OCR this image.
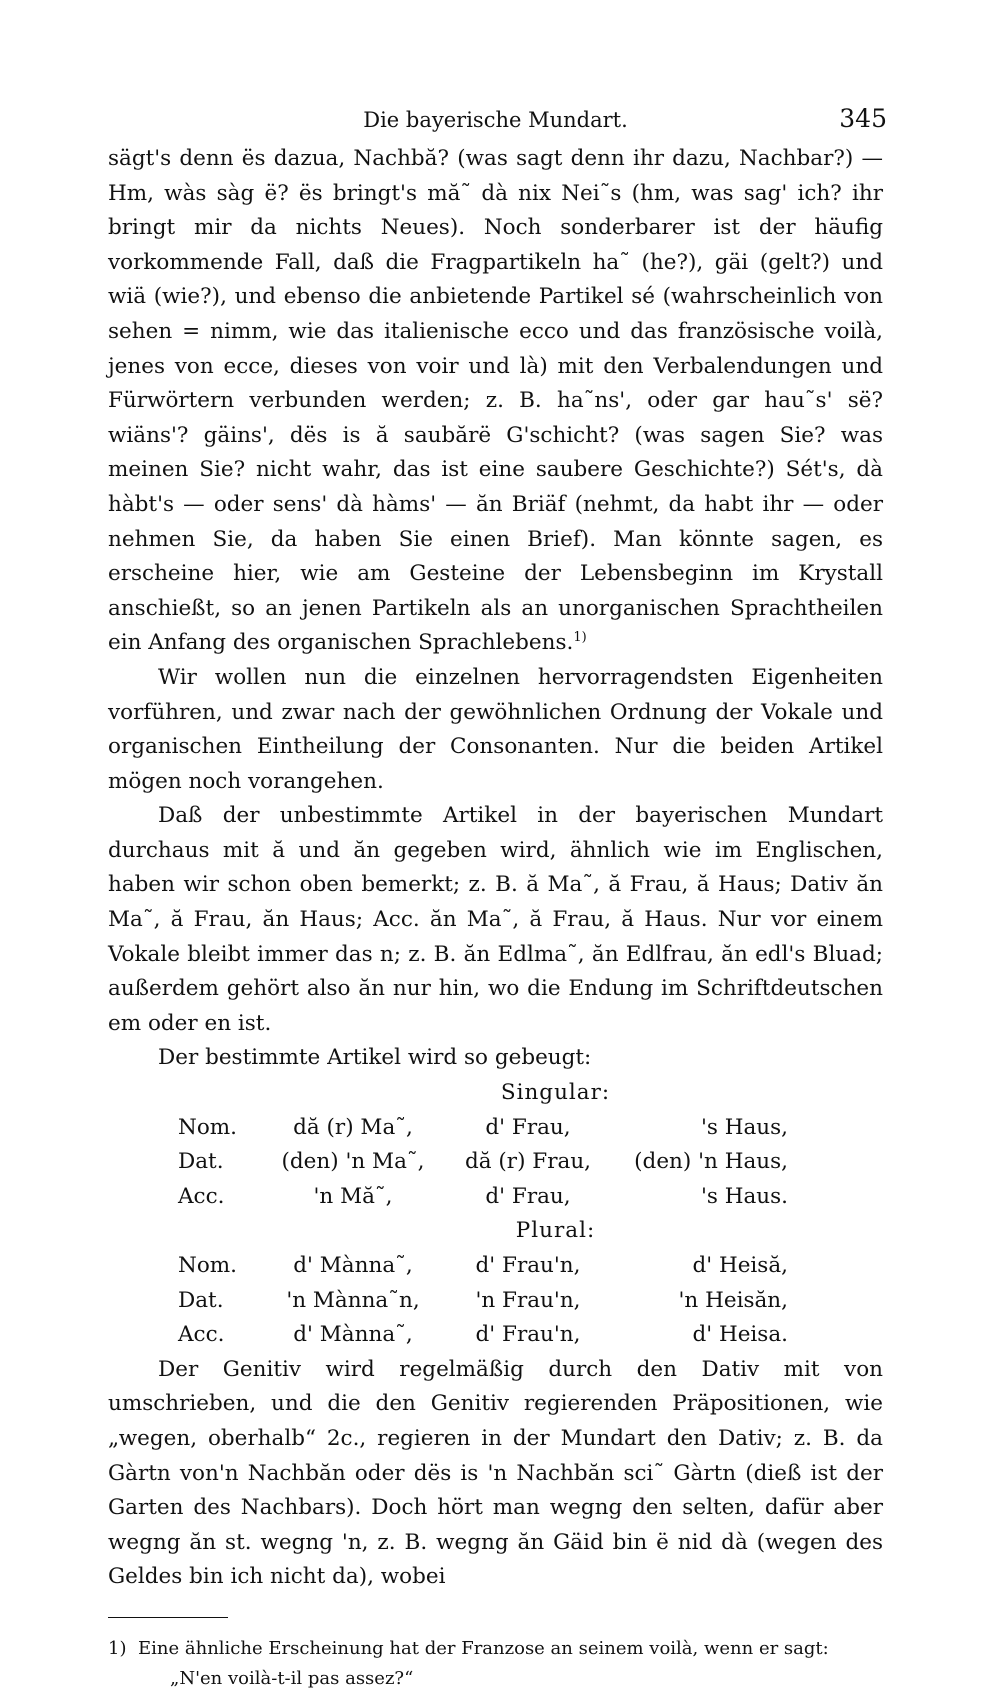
Die bayerische Mundart.	345

sägt's denn ës dazua, Nachbă? (was sagt denn ihr dazu, Nachbar?) — Hm, wàs sàg ë? ës bringt's mă˜ dà nix Nei˜s (hm, was sag' ich? ihr bringt mir da nichts Neues). Noch sonderbarer ist der häufig vorkommende Fall, daß die Fragpartikeln ha˜ (he?), gäi (gelt?) und wiä (wie?), und ebenso die anbietende Partikel sé (wahrscheinlich von sehen = nimm, wie das italienische ecco und das französische voilà, jenes von ecce, dieses von voir und là) mit den Verbalendungen und Fürwörtern verbunden werden; z. B. ha˜ns', oder gar hau˜s' së? wiäns'? gäins', dës is ă saubărë G'schicht? (was sagen Sie? was meinen Sie? nicht wahr, das ist eine saubere Geschichte?) Sét's, dà hàbt's — oder sens' dà hàms' — ăn Briäf (nehmt, da habt ihr — oder nehmen Sie, da haben Sie einen Brief). Man könnte sagen, es erscheine hier, wie am Gesteine der Lebensbeginn im Krystall anschießt, so an jenen Partikeln als an unorganischen Sprachtheilen ein Anfang des organischen Sprachlebens.$^{1)}$

Wir wollen nun die einzelnen hervorragendsten Eigenheiten vorführen, und zwar nach der gewöhnlichen Ordnung der Vokale und organischen Eintheilung der Consonanten. Nur die beiden Artikel mögen noch vorangehen.

Daß der unbestimmte Artikel in der bayerischen Mundart durchaus mit ă und ăn gegeben wird, ähnlich wie im Englischen, haben wir schon oben bemerkt; z. B. ă Ma˜, ă Frau, ă Haus; Dativ ăn Ma˜, ă Frau, ăn Haus; Acc. ăn Ma˜, ă Frau, ă Haus. Nur vor einem Vokale bleibt immer das n; z. B. ăn Edlma˜, ăn Edlfrau, ăn edl's Bluad; außerdem gehört also ăn nur hin, wo die Endung im Schriftdeutschen em oder en ist.

Der bestimmte Artikel wird so gebeugt:
Singular:
Nom.	dă (r) Ma˜,	d' Frau,	's Haus,
Dat.	(den) 'n Ma˜,	dă (r) Frau,	(den) 'n Haus,
Acc.	'n Mă˜,	d' Frau,	's Haus.
Plural:
Nom.	d' Mànna˜,	d' Frau'n,	d' Heisă,
Dat.	'n Mànna˜n,	'n Frau'n,	'n Heisăn,
Acc.	d' Mànna˜,	d' Frau'n,	d' Heisa.

Der Genitiv wird regelmäßig durch den Dativ mit von umschrieben, und die den Genitiv regierenden Präpositionen, wie „wegen, oberhalb“ 2c., regieren in der Mundart den Dativ; z. B. da Gàrtn von'n Nachbăn oder dës is 'n Nachbăn sci˜ Gàrtn (dieß ist der Garten des Nachbars). Doch hört man wegng den selten, dafür aber wegng ăn st. wegng 'n, z. B. wegng ăn Gäid bin ë nid dà (wegen des Geldes bin ich nicht da), wobei

1) Eine ähnliche Erscheinung hat der Franzose an seinem voilà, wenn er sagt:
„N'en voilà-t-il pas assez?“
